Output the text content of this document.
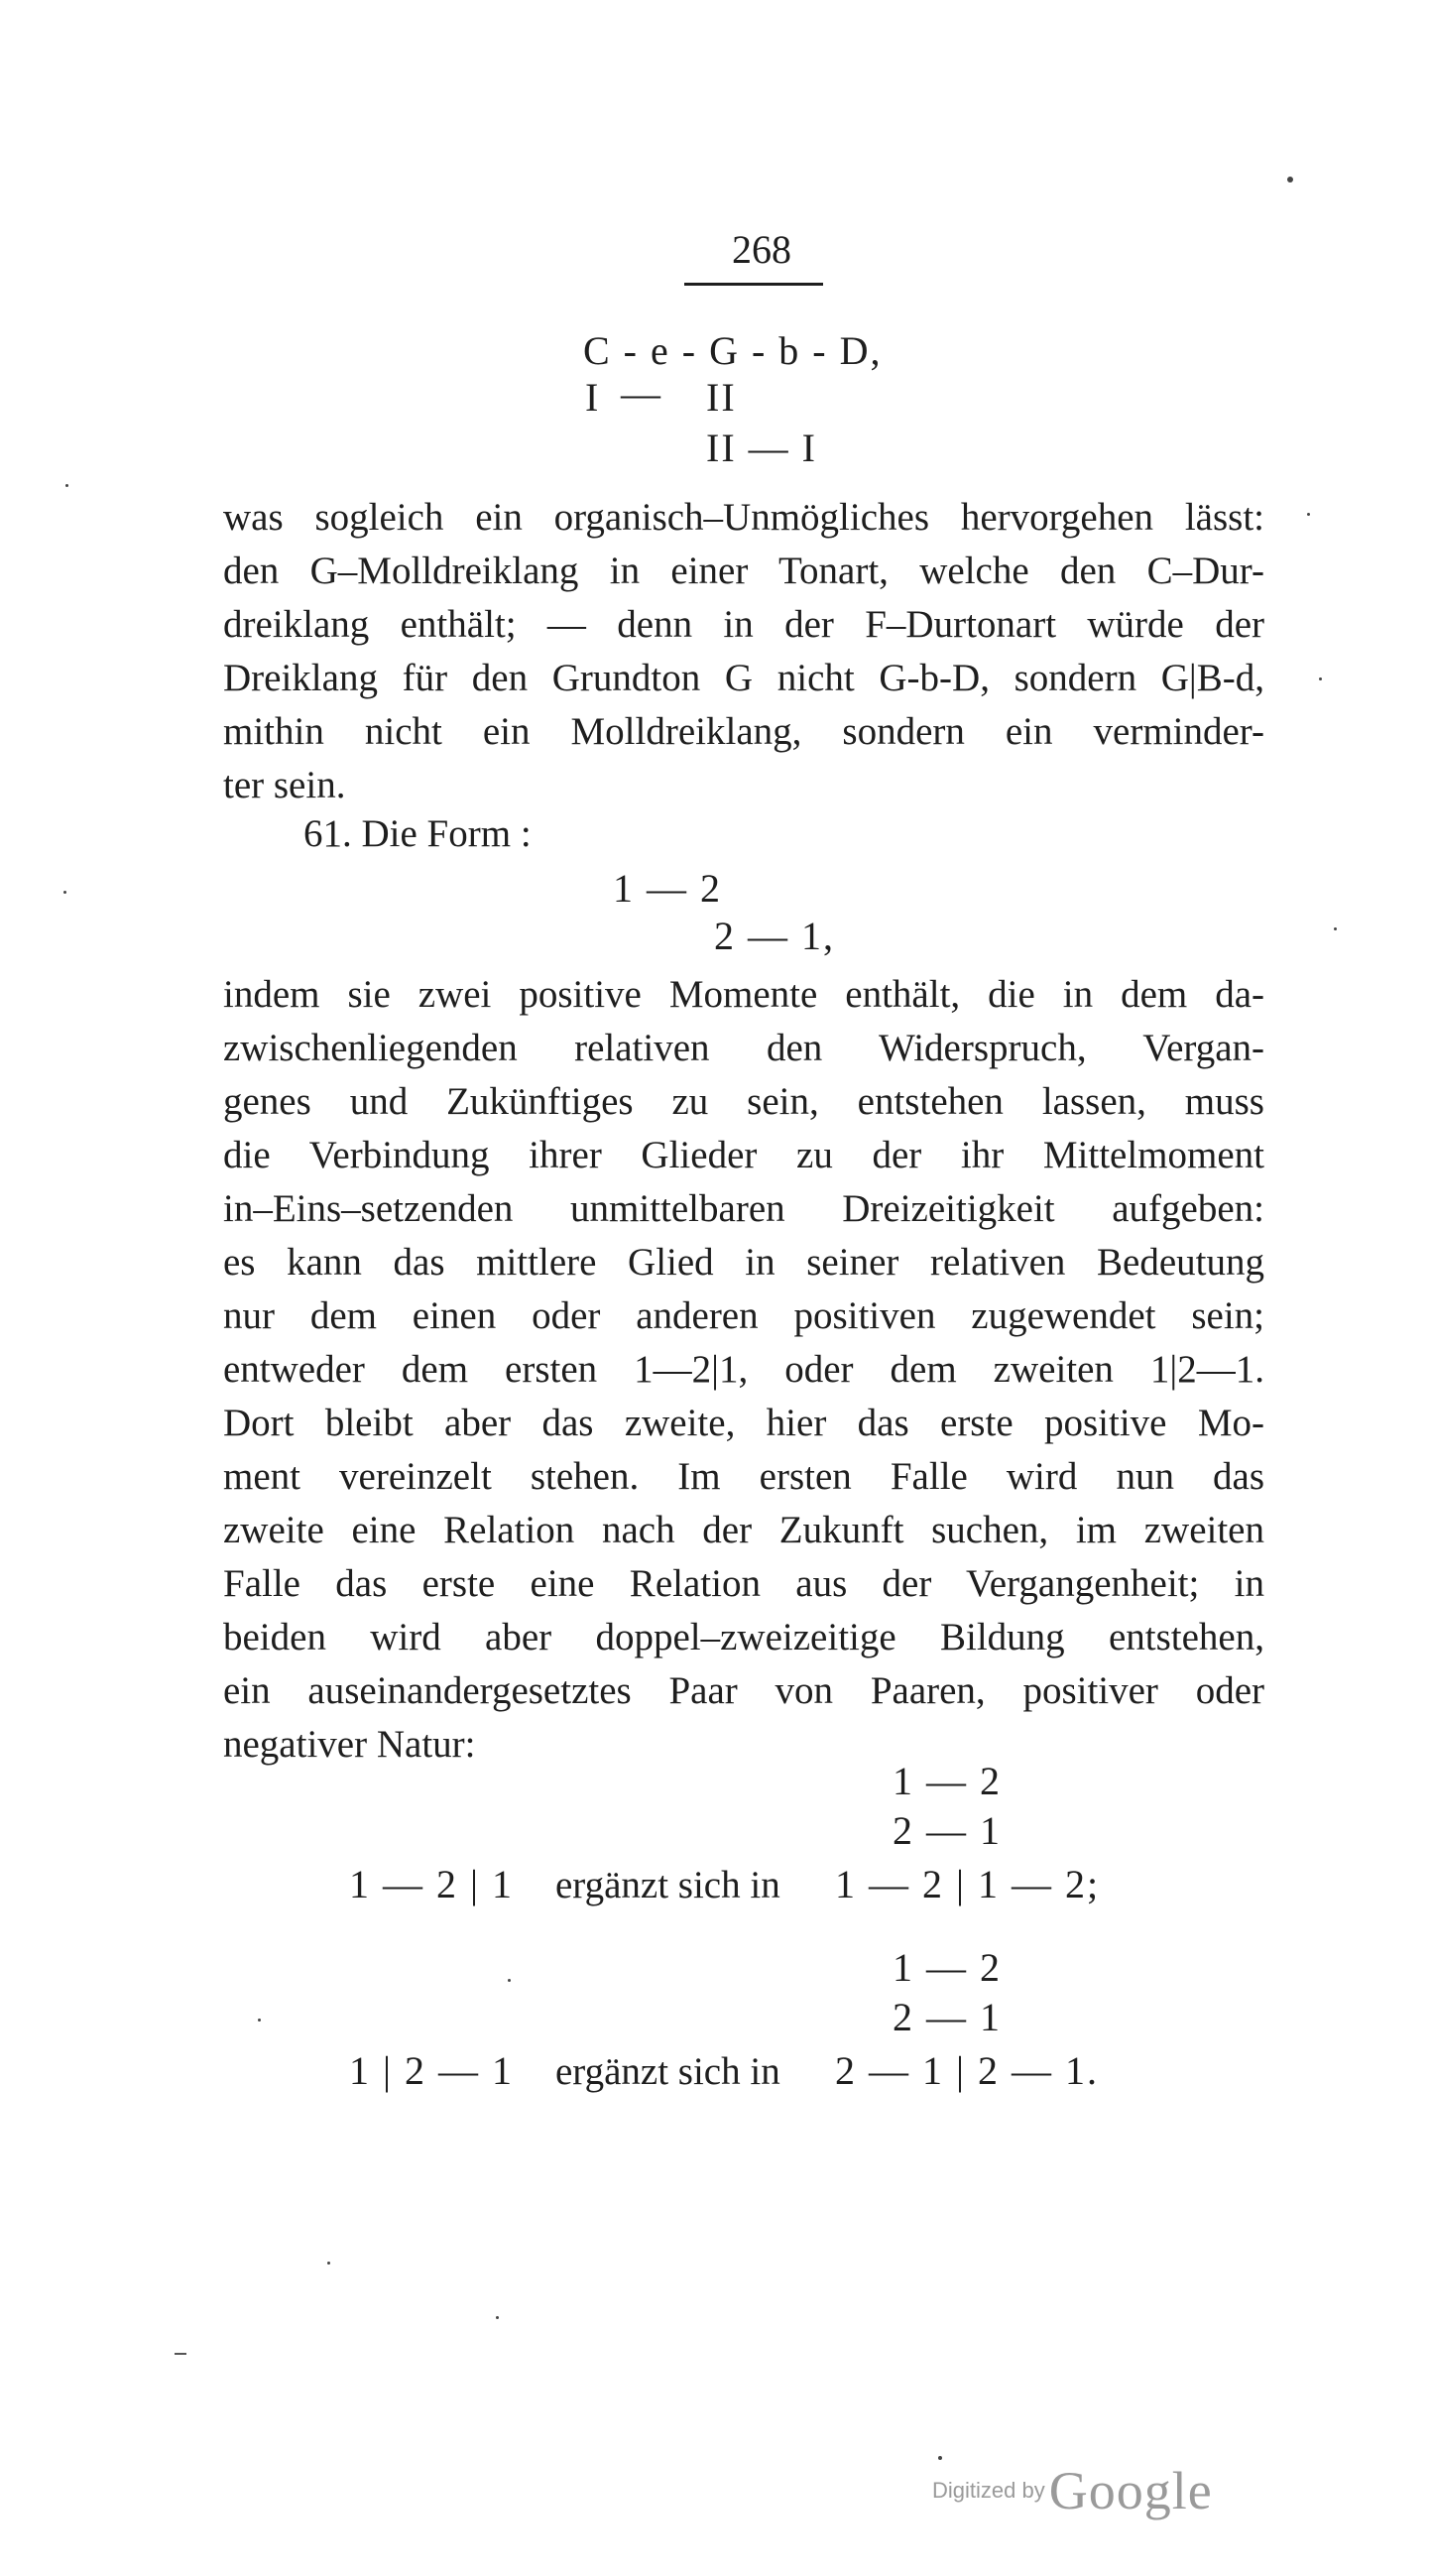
268
C - e - G - b - D,
I — II
II — I
was sogleich ein organisch–Unmögliches hervorgehen lässt:
den G–Molldreiklang in einer Tonart, welche den C–Dur-
dreiklang enthält; — denn in der F–Durtonart würde der
Dreiklang für den Grundton G nicht G-b-D, sondern G|B-d,
mithin nicht ein Molldreiklang, sondern ein verminder-
ter sein.
61. Die Form :
1 — 2
2 — 1,
indem sie zwei positive Momente enthält, die in dem da-
zwischenliegenden relativen den Widerspruch, Vergan-
genes und Zukünftiges zu sein, entstehen lassen, muss
die Verbindung ihrer Glieder zu der ihr Mittelmoment
in–Eins–setzenden unmittelbaren Dreizeitigkeit aufgeben:
es kann das mittlere Glied in seiner relativen Bedeutung
nur dem einen oder anderen positiven zugewendet sein;
entweder dem ersten 1—2|1, oder dem zweiten 1|2—1.
Dort bleibt aber das zweite, hier das erste positive Mo-
ment vereinzelt stehen. Im ersten Falle wird nun das
zweite eine Relation nach der Zukunft suchen, im zweiten
Falle das erste eine Relation aus der Vergangenheit; in
beiden wird aber doppel–zweizeitige Bildung entstehen,
ein auseinandergesetztes Paar von Paaren, positiver oder
negativer Natur:
1 — 2
2 — 1
1 — 2 | 1 ergänzt sich in 1 — 2 | 1 — 2;
1 — 2
2 — 1
1 | 2 — 1 ergänzt sich in 2 — 1 | 2 — 1.
Digitized by Google
